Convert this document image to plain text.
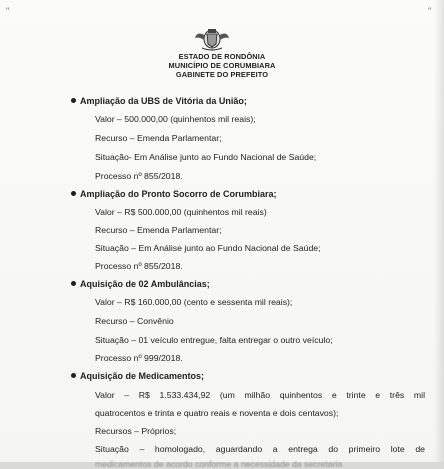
"	"
ESTADO DE RONDÔNIA
MUNICÍPIO DE CORUMBIARA
GABINETE DO PREFEITO
Ampliação da UBS de Vitória da União;
Valor – 500.000,00 (quinhentos mil reais);
Recurso – Emenda Parlamentar;
Situação- Em Análise junto ao Fundo Nacional de Saúde;
Processo nº 855/2018.
Ampliação do Pronto Socorro de Corumbiara;
Valor – R$ 500.000,00 (quinhentos mil reais)
Recurso – Emenda Parlamentar;
Situação – Em Análise junto ao Fundo Nacional de Saúde;
Processo nº 855/2018.
Aquisição de 02 Ambulâncias;
Valor – R$ 160.000,00 (cento e sessenta mil reais);
Recurso – Convênio
Situação – 01 veículo entregue, falta entregar o outro veículo;
Processo nº 999/2018.
Aquisição de Medicamentos;
Valor – R$ 1.533.434,92 (um milhão quinhentos e trinte e três mil
quatrocentos e trinta e quatro reais e noventa e dois centavos);
Recursos – Próprios;
Situação – homologado, aguardando a entrega do primeiro lote de
medicamentos de acordo conforme a necessidade da secretaria
